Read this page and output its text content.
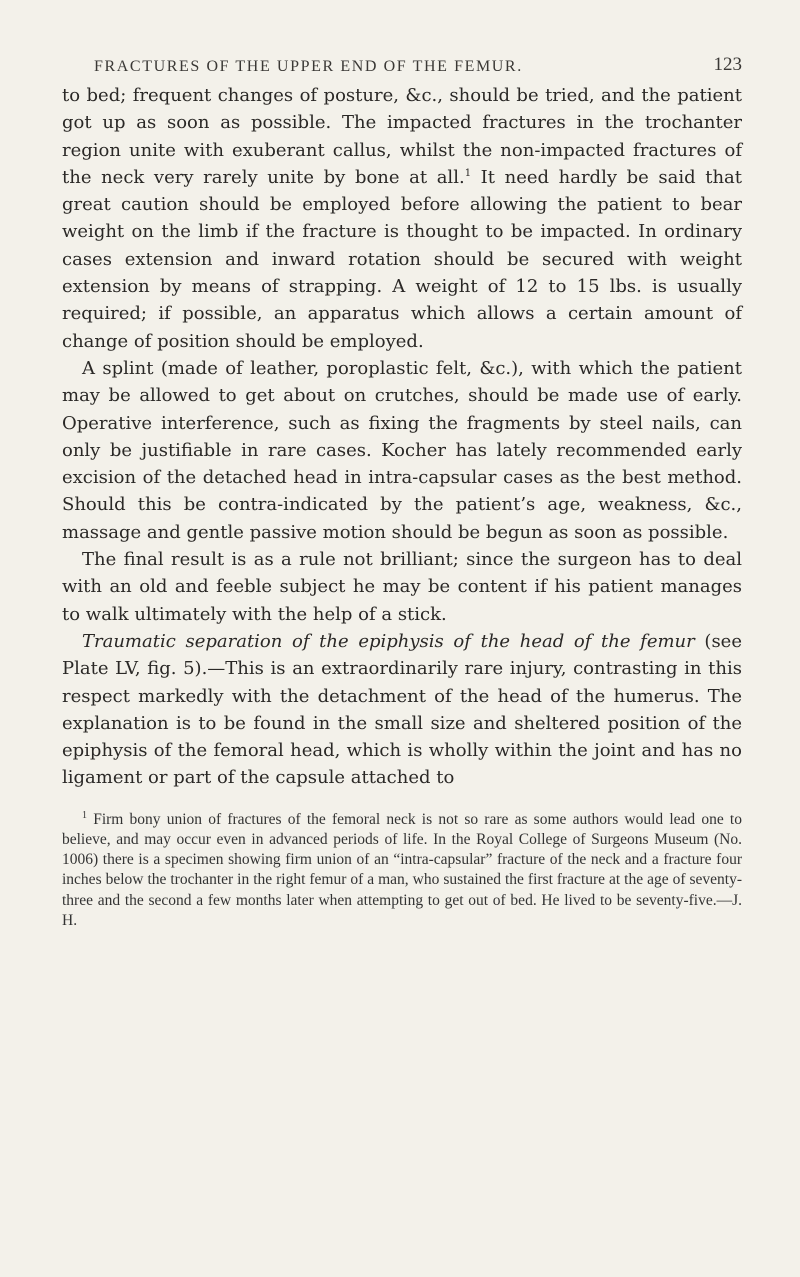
FRACTURES OF THE UPPER END OF THE FEMUR.	123

to bed; frequent changes of posture, &c., should be tried, and the patient got up as soon as possible. The impacted fractures in the trochanter region unite with exuberant callus, whilst the non-impacted fractures of the neck very rarely unite by bone at all.$^1$ It need hardly be said that great caution should be employed before allowing the patient to bear weight on the limb if the fracture is thought to be impacted. In ordinary cases extension and inward rotation should be secured with weight extension by means of strapping. A weight of 12 to 15 lbs. is usually required; if possible, an apparatus which allows a certain amount of change of position should be employed.

A splint (made of leather, poroplastic felt, &c.), with which the patient may be allowed to get about on crutches, should be made use of early. Operative interference, such as fixing the fragments by steel nails, can only be justifiable in rare cases. Kocher has lately recommended early excision of the detached head in intra-capsular cases as the best method. Should this be contra-indicated by the patient’s age, weakness, &c., massage and gentle passive motion should be begun as soon as possible.

The final result is as a rule not brilliant; since the surgeon has to deal with an old and feeble subject he may be content if his patient manages to walk ultimately with the help of a stick.

Traumatic separation of the epiphysis of the head of the femur (see Plate LV, fig. 5).—This is an extraordinarily rare injury, contrasting in this respect markedly with the detachment of the head of the humerus. The explanation is to be found in the small size and sheltered position of the epiphysis of the femoral head, which is wholly within the joint and has no ligament or part of the capsule attached to

$^1$ Firm bony union of fractures of the femoral neck is not so rare as some authors would lead one to believe, and may occur even in advanced periods of life. In the Royal College of Surgeons Museum (No. 1006) there is a specimen showing firm union of an “intra-capsular” fracture of the neck and a fracture four inches below the trochanter in the right femur of a man, who sustained the first fracture at the age of seventy-three and the second a few months later when attempting to get out of bed. He lived to be seventy-five.—J. H.
